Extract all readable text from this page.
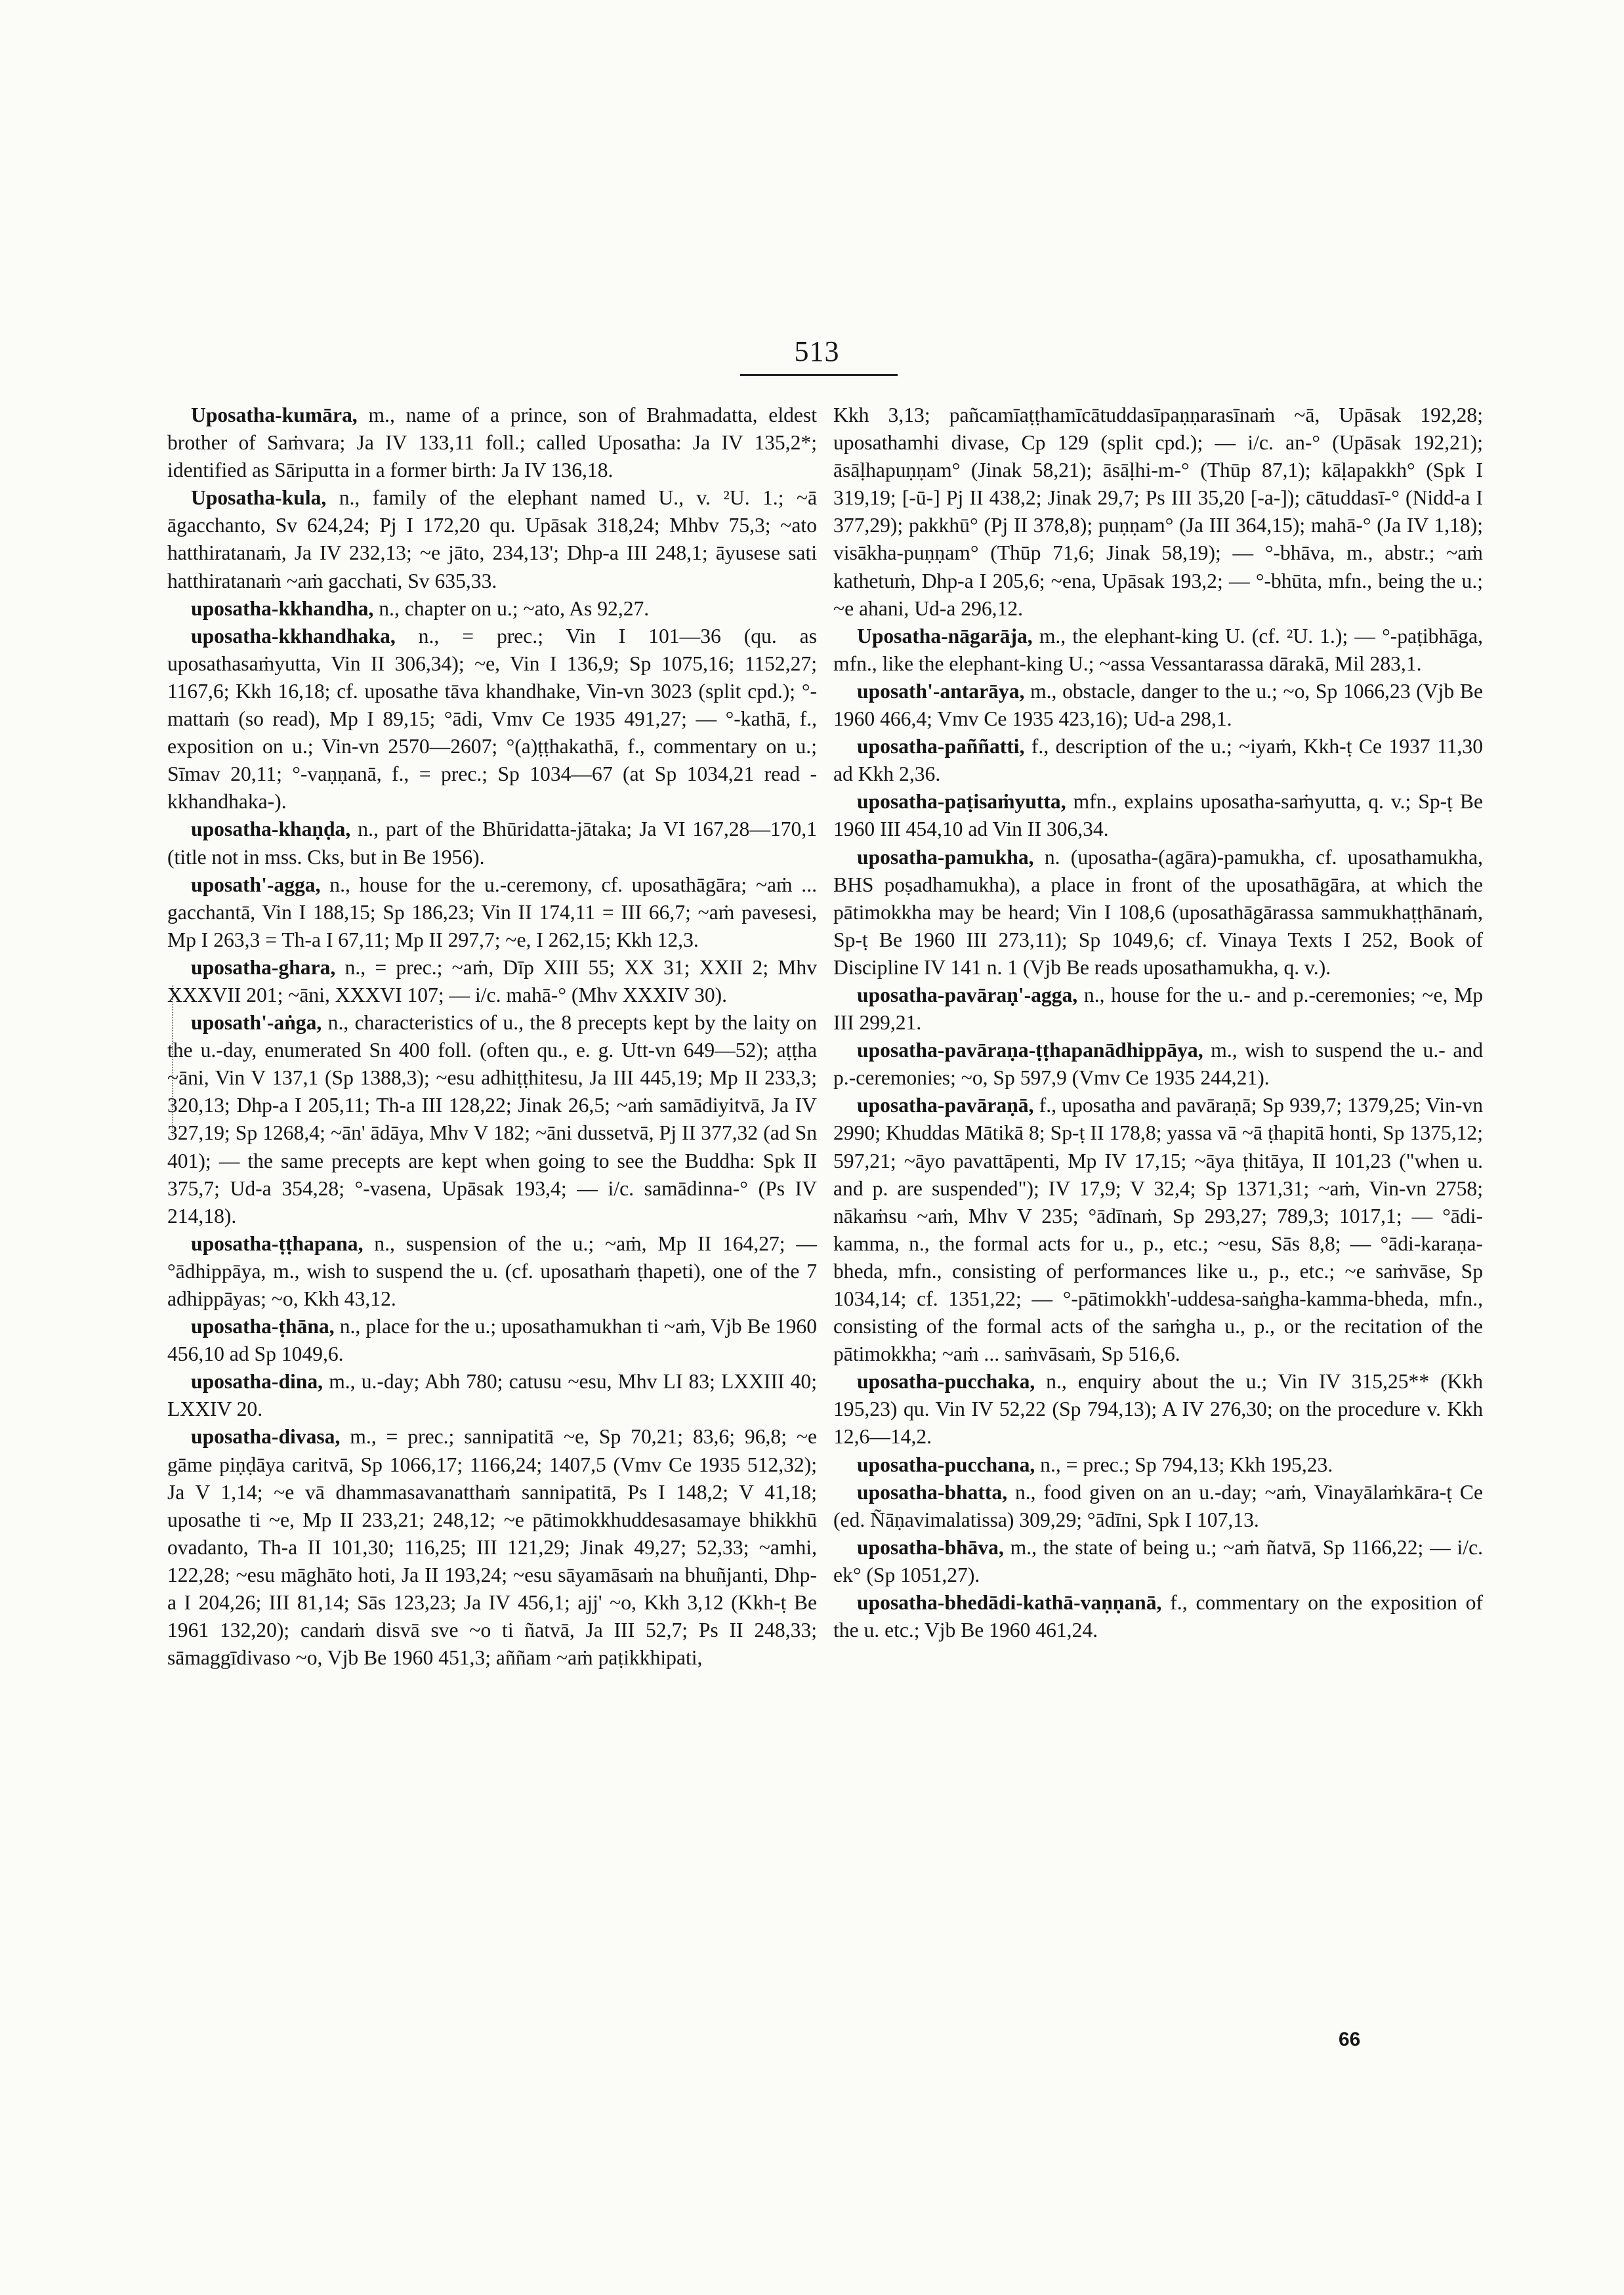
513

Uposatha-kumāra, m., name of a prince, son of Brahmadatta, eldest brother of Saṁvara; Ja IV 133,11 foll.; called Uposatha: Ja IV 135,2*; identified as Sāriputta in a former birth: Ja IV 136,18.

Uposatha-kula, n., family of the elephant named U., v. ²U. 1.; ~ā āgacchanto, Sv 624,24; Pj I 172,20 qu. Upāsak 318,24; Mhbv 75,3; ~ato hatthiratanaṁ, Ja IV 232,13; ~e jāto, 234,13'; Dhp-a III 248,1; āyusese sati hatthiratanaṁ ~aṁ gacchati, Sv 635,33.

uposatha-kkhandha, n., chapter on u.; ~ato, As 92,27.

uposatha-kkhandhaka, n., = prec.; Vin I 101—36 (qu. as uposathasaṁyutta, Vin II 306,34); ~e, Vin I 136,9; Sp 1075,16; 1152,27; 1167,6; Kkh 16,18; cf. uposathe tāva khandhake, Vin-vn 3023 (split cpd.); °-mattaṁ (so read), Mp I 89,15; °ādi, Vmv Ce 1935 491,27; — °-kathā, f., exposition on u.; Vin-vn 2570—2607; °(a)ṭṭhakathā, f., commentary on u.; Sīmav 20,11; °-vaṇṇanā, f., = prec.; Sp 1034—67 (at Sp 1034,21 read -kkhandhaka-).

uposatha-khaṇḍa, n., part of the Bhūridatta-jātaka; Ja VI 167,28—170,1 (title not in mss. Cks, but in Be 1956).

uposath'-agga, n., house for the u.-ceremony, cf. uposathāgāra; ~aṁ ... gacchantā, Vin I 188,15; Sp 186,23; Vin II 174,11 = III 66,7; ~aṁ pavesesi, Mp I 263,3 = Th-a I 67,11; Mp II 297,7; ~e, I 262,15; Kkh 12,3.

uposatha-ghara, n., = prec.; ~aṁ, Dīp XIII 55; XX 31; XXII 2; Mhv XXXVII 201; ~āni, XXXVI 107; — i/c. mahā-° (Mhv XXXIV 30).

uposath'-aṅga, n., characteristics of u., the 8 precepts kept by the laity on the u.-day, enumerated Sn 400 foll. (often qu., e. g. Utt-vn 649—52); aṭṭha ~āni, Vin V 137,1 (Sp 1388,3); ~esu adhiṭṭhitesu, Ja III 445,19; Mp II 233,3; 320,13; Dhp-a I 205,11; Th-a III 128,22; Jinak 26,5; ~aṁ samādiyitvā, Ja IV 327,19; Sp 1268,4; ~ān' ādāya, Mhv V 182; ~āni dussetvā, Pj II 377,32 (ad Sn 401); — the same precepts are kept when going to see the Buddha: Spk II 375,7; Ud-a 354,28; °-vasena, Upāsak 193,4; — i/c. samādinna-° (Ps IV 214,18).

uposatha-ṭṭhapana, n., suspension of the u.; ~aṁ, Mp II 164,27; — °ādhippāya, m., wish to suspend the u. (cf. uposathaṁ ṭhapeti), one of the 7 adhippāyas; ~o, Kkh 43,12.

uposatha-ṭhāna, n., place for the u.; uposathamukhan ti ~aṁ, Vjb Be 1960 456,10 ad Sp 1049,6.

uposatha-dina, m., u.-day; Abh 780; catusu ~esu, Mhv LI 83; LXXIII 40; LXXIV 20.

uposatha-divasa, m., = prec.; sannipatitā ~e, Sp 70,21; 83,6; 96,8; ~e gāme piṇḍāya caritvā, Sp 1066,17; 1166,24; 1407,5 (Vmv Ce 1935 512,32); Ja V 1,14; ~e vā dhammasavanatthaṁ sannipatitā, Ps I 148,2; V 41,18; uposathe ti ~e, Mp II 233,21; 248,12; ~e pātimokkhuddesasamaye bhikkhū ovadanto, Th-a II 101,30; 116,25; III 121,29; Jinak 49,27; 52,33; ~amhi, 122,28; ~esu māghāto hoti, Ja II 193,24; ~esu sāyamāsaṁ na bhuñjanti, Dhp-a I 204,26; III 81,14; Sās 123,23; Ja IV 456,1; ajj' ~o, Kkh 3,12 (Kkh-ṭ Be 1961 132,20); candaṁ disvā sve ~o ti ñatvā, Ja III 52,7; Ps II 248,33; sāmaggīdivaso ~o, Vjb Be 1960 451,3; aññam ~aṁ paṭikkhipati,

Kkh 3,13; pañcamīaṭṭhamīcātuddasīpaṇṇarasīnaṁ ~ā, Upāsak 192,28; uposathamhi divase, Cp 129 (split cpd.); — i/c. an-° (Upāsak 192,21); āsāḷhapuṇṇam° (Jinak 58,21); āsāḷhi-m-° (Thūp 87,1); kāḷapakkh° (Spk I 319,19; [-ū-] Pj II 438,2; Jinak 29,7; Ps III 35,20 [-a-]); cātuddasī-° (Nidd-a I 377,29); pakkhū° (Pj II 378,8); puṇṇam° (Ja III 364,15); mahā-° (Ja IV 1,18); visākha-puṇṇam° (Thūp 71,6; Jinak 58,19); — °-bhāva, m., abstr.; ~aṁ kathetuṁ, Dhp-a I 205,6; ~ena, Upāsak 193,2; — °-bhūta, mfn., being the u.; ~e ahani, Ud-a 296,12.

Uposatha-nāgarāja, m., the elephant-king U. (cf. ²U. 1.); — °-paṭibhāga, mfn., like the elephant-king U.; ~assa Vessantarassa dārakā, Mil 283,1.

uposath'-antarāya, m., obstacle, danger to the u.; ~o, Sp 1066,23 (Vjb Be 1960 466,4; Vmv Ce 1935 423,16); Ud-a 298,1.

uposatha-paññatti, f., description of the u.; ~iyaṁ, Kkh-ṭ Ce 1937 11,30 ad Kkh 2,36.

uposatha-paṭisaṁyutta, mfn., explains uposatha-saṁyutta, q. v.; Sp-ṭ Be 1960 III 454,10 ad Vin II 306,34.

uposatha-pamukha, n. (uposatha-(agāra)-pamukha, cf. uposathamukha, BHS poṣadhamukha), a place in front of the uposathāgāra, at which the pātimokkha may be heard; Vin I 108,6 (uposathāgārassa sammukhaṭṭhānaṁ, Sp-ṭ Be 1960 III 273,11); Sp 1049,6; cf. Vinaya Texts I 252, Book of Discipline IV 141 n. 1 (Vjb Be reads uposathamukha, q. v.).

uposatha-pavāraṇ'-agga, n., house for the u.- and p.-ceremonies; ~e, Mp III 299,21.

uposatha-pavāraṇa-ṭṭhapanādhippāya, m., wish to suspend the u.- and p.-ceremonies; ~o, Sp 597,9 (Vmv Ce 1935 244,21).

uposatha-pavāraṇā, f., uposatha and pavāraṇā; Sp 939,7; 1379,25; Vin-vn 2990; Khuddas Mātikā 8; Sp-ṭ II 178,8; yassa vā ~ā ṭhapitā honti, Sp 1375,12; 597,21; ~āyo pavattāpenti, Mp IV 17,15; ~āya ṭhitāya, II 101,23 ("when u. and p. are suspended"); IV 17,9; V 32,4; Sp 1371,31; ~aṁ, Vin-vn 2758; nākaṁsu ~aṁ, Mhv V 235; °ādīnaṁ, Sp 293,27; 789,3; 1017,1; — °ādi-kamma, n., the formal acts for u., p., etc.; ~esu, Sās 8,8; — °ādi-karaṇa-bheda, mfn., consisting of performances like u., p., etc.; ~e saṁvāse, Sp 1034,14; cf. 1351,22; — °-pātimokkh'-uddesa-saṅgha-kamma-bheda, mfn., consisting of the formal acts of the saṁgha u., p., or the recitation of the pātimokkha; ~aṁ ... saṁvāsaṁ, Sp 516,6.

uposatha-pucchaka, n., enquiry about the u.; Vin IV 315,25** (Kkh 195,23) qu. Vin IV 52,22 (Sp 794,13); A IV 276,30; on the procedure v. Kkh 12,6—14,2.

uposatha-pucchana, n., = prec.; Sp 794,13; Kkh 195,23.

uposatha-bhatta, n., food given on an u.-day; ~aṁ, Vinayālaṁkāra-ṭ Ce (ed. Ñāṇavimalatissa) 309,29; °ādīni, Spk I 107,13.

uposatha-bhāva, m., the state of being u.; ~aṁ ñatvā, Sp 1166,22; — i/c. ek° (Sp 1051,27).

uposatha-bhedādi-kathā-vaṇṇanā, f., commentary on the exposition of the u. etc.; Vjb Be 1960 461,24.

66
